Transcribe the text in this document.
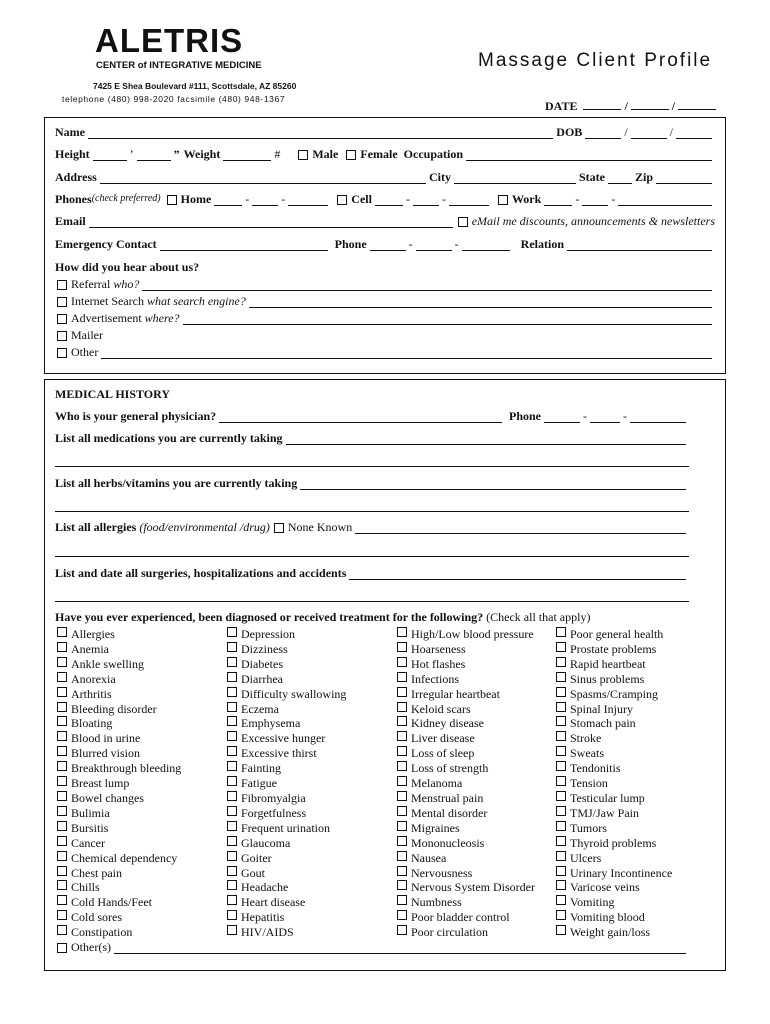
ALETRIS
CENTER of INTEGRATIVE MEDICINE
7425 E Shea Boulevard #111, Scottsdale, AZ 85260
telephone (480) 998-2020 facsimile (480) 948-1367
Massage Client Profile
DATE	/	/
Name	DOB	/	/
Height	’	” Weight	#	Male Female Occupation
Address	City	State	Zip
Phones (check preferred) Home	-	-	Cell	-	-	Work	-	-
Email	eMail me discounts, announcements & newsletters
Emergency Contact	Phone	-	-	Relation
How did you hear about us?
Referral
who?
Internet Search
what search engine?
Advertisement
where?
Mailer
Other
MEDICAL HISTORY
Who is your general physician?	Phone	-	-
List all medications you are currently taking
List all herbs/vitamins you are currently taking
List all allergies
(food/environmental /drug) None Known
List and date all surgeries, hospitalizations and accidents
Have you ever experienced, been diagnosed or received treatment for the following?
(Check all that apply)
Allergies
Anemia
Ankle swelling
Anorexia
Arthritis
Bleeding disorder
Bloating
Blood in urine
Blurred vision
Breakthrough bleeding
Breast lump
Bowel changes
Bulimia
Bursitis
Cancer
Chemical dependency
Chest pain
Chills
Cold Hands/Feet
Cold sores
Constipation
Depression
Dizziness
Diabetes
Diarrhea
Difficulty swallowing
Eczema
Emphysema
Excessive hunger
Excessive thirst
Fainting
Fatigue
Fibromyalgia
Forgetfulness
Frequent urination
Glaucoma
Goiter
Gout
Headache
Heart disease
Hepatitis
HIV/AIDS
High/Low blood pressure
Hoarseness
Hot flashes
Infections
Irregular heartbeat
Keloid scars
Kidney disease
Liver disease
Loss of sleep
Loss of strength
Melanoma
Menstrual pain
Mental disorder
Migraines
Mononucleosis
Nausea
Nervousness
Nervous System Disorder
Numbness
Poor bladder control
Poor circulation
Poor general health
Prostate problems
Rapid heartbeat
Sinus problems
Spasms/Cramping
Spinal Injury
Stomach pain
Stroke
Sweats
Tendonitis
Tension
Testicular lump
TMJ/Jaw Pain
Tumors
Thyroid problems
Ulcers
Urinary Incontinence
Varicose veins
Vomiting
Vomiting blood
Weight gain/loss
Other(s)
